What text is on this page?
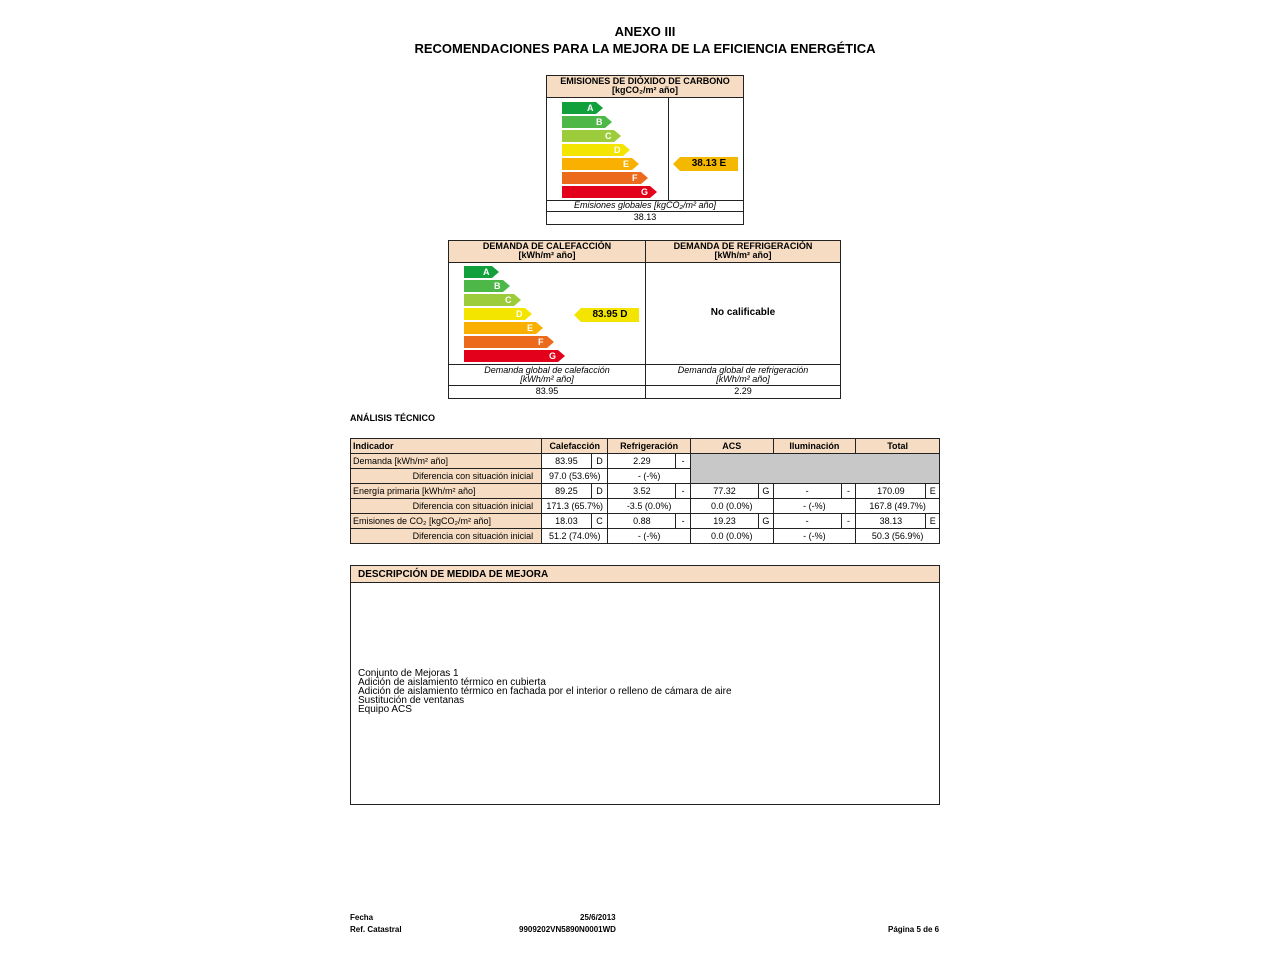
ANEXO III
RECOMENDACIONES PARA LA MEJORA DE LA EFICIENCIA ENERGÉTICA
EMISIONES DE DIÓXIDO DE CARBONO
[kgCO₂/m² año]
A
B
C
D
E
F
G
38.13 E
Emisiones globales [kgCO₂/m² año]
38.13
DEMANDA DE CALEFACCIÓN
[kWh/m² año]
DEMANDA DE REFRIGERACIÓN
[kWh/m² año]
A
B
C
D
E
F
G
83.95 D	No calificable
Demanda global de calefacción
[kWh/m² año]
Demanda global de refrigeración
[kWh/m² año]
83.95	2.29
ANÁLISIS TÉCNICO
Indicador	Calefacción		Refrigeración		ACS		Iluminación		Total	
Demanda [kWh/m² año]	83.95	D	2.29	-						
Diferencia con situación inicial	97.0 (53.6%)		- (-%)							
Energía primaria [kWh/m² año]	89.25	D	3.52	-	77.32	G	-	-	170.09	E
Diferencia con situación inicial	171.3 (65.7%)		-3.5 (0.0%)		0.0 (0.0%)		- (-%)		167.8 (49.7%)	
Emisiones de CO₂ [kgCO₂/m² año]	18.03	C	0.88	-	19.23	G	-	-	38.13	E
Diferencia con situación inicial	51.2 (74.0%)		- (-%)		0.0 (0.0%)		- (-%)		50.3 (56.9%)	
DESCRIPCIÓN DE MEDIDA DE MEJORA
Conjunto de Mejoras 1
Adición de aislamiento térmico en cubierta
Adición de aislamiento térmico en fachada por el interior o relleno de cámara de aire
Sustitución de ventanas
Equipo ACS
Fecha	25/6/2013
Ref. Catastral	9909202VN5890N0001WD	Página 5 de 6
